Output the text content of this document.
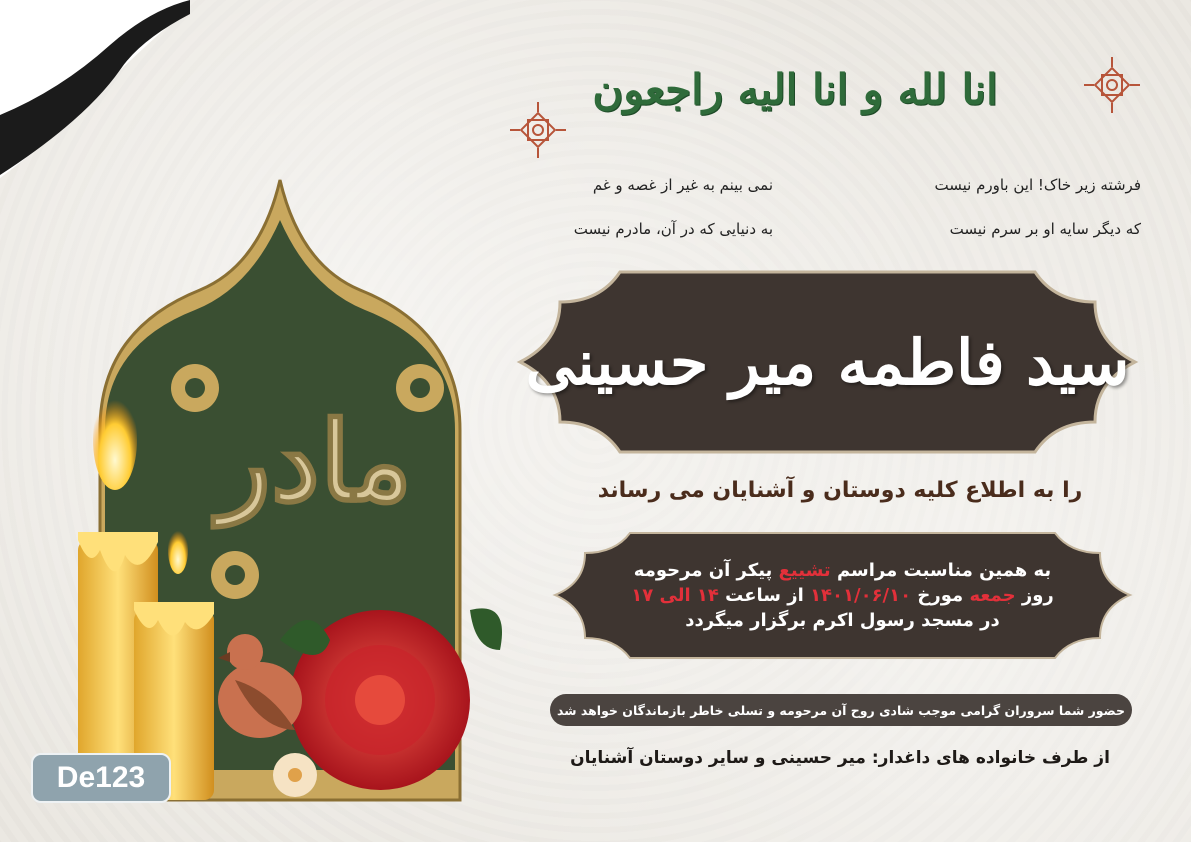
انا لله و انا الیه راجعون
فرشته زیر خاک! این باورم نیست
که دیگر سایه او بر سرم نیست
نمی بینم به غیر از غصه و غم
به دنیایی که در آن، مادرم نیست
مادر
سید فاطمه میر حسینی
را به اطلاع کلیه دوستان و آشنایان می رساند
به همین مناسبت مراسم تشییع پیکر آن مرحومه
روز جمعه مورخ ۱۴۰۱/۰۶/۱۰ از ساعت ۱۴ الی ۱۷
در مسجد رسول اکرم برگزار میگردد
حضور شما سروران گرامی موجب شادی روح آن مرحومه و تسلی خاطر بازماندگان خواهد شد
از طرف خانواده های داغدار: میر حسینی و سایر دوستان آشنایان
De123
